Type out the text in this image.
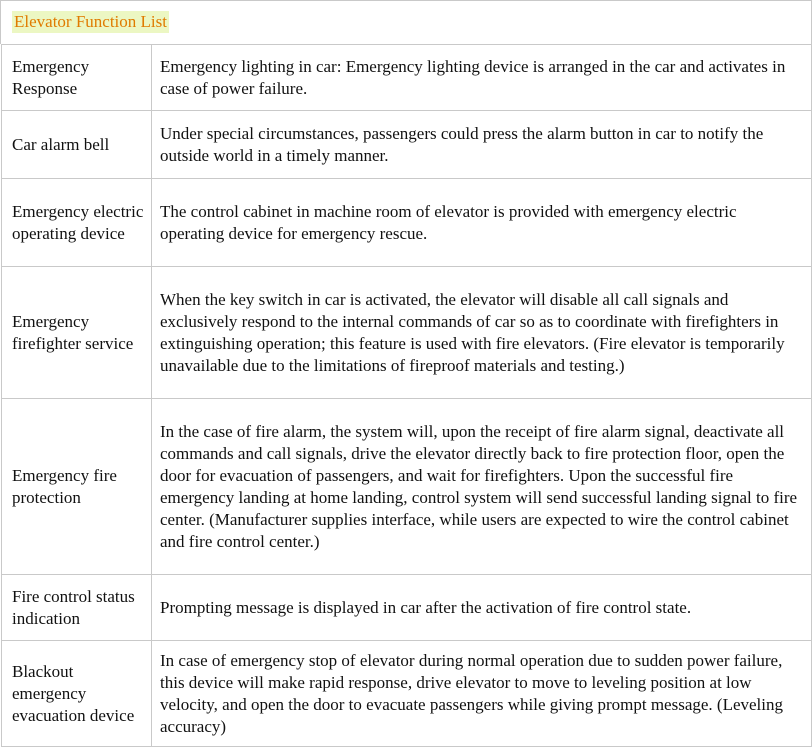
Elevator Function List
Emergency Response	Emergency lighting in car: Emergency lighting device is arranged in the car and activates in case of power failure.
Car alarm bell	Under special circumstances, passengers could press the alarm button in car to notify the outside world in a timely manner.
Emergency electric operating device	The control cabinet in machine room of elevator is provided with emergency electric operating device for emergency rescue.
Emergency firefighter service	When the key switch in car is activated, the elevator will disable all call signals and exclusively respond to the internal commands of car so as to coordinate with firefighters in extinguishing operation; this feature is used with fire elevators. (Fire elevator is temporarily unavailable due to the limitations of fireproof materials and testing.)
Emergency fire protection	In the case of fire alarm, the system will, upon the receipt of fire alarm signal, deactivate all commands and call signals, drive the elevator directly back to fire protection floor, open the door for evacuation of passengers, and wait for firefighters. Upon the successful fire emergency landing at home landing, control system will send successful landing signal to fire center. (Manufacturer supplies interface, while users are expected to wire the control cabinet and fire control center.)
Fire control status indication	Prompting message is displayed in car after the activation of fire control state.
Blackout emergency evacuation device	In case of emergency stop of elevator during normal operation due to sudden power failure, this device will make rapid response, drive elevator to move to leveling position at low velocity, and open the door to evacuate passengers while giving prompt message. (Leveling accuracy)
